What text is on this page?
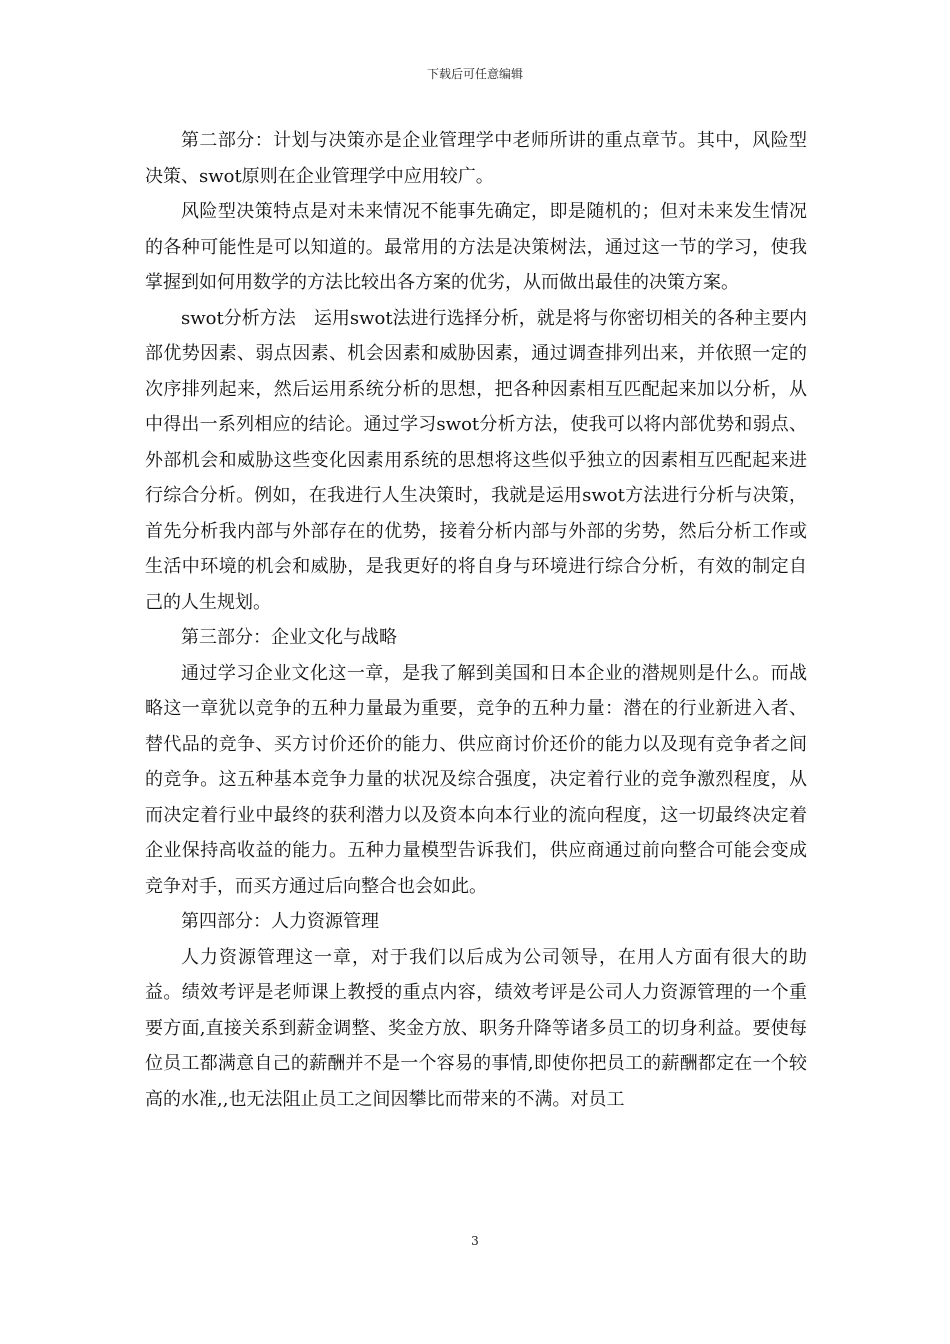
下载后可任意编辑

第二部分：计划与决策亦是企业管理学中老师所讲的重点章节。其中，风险型决策、swot原则在企业管理学中应用较广。

风险型决策特点是对未来情况不能事先确定，即是随机的；但对未来发生情况的各种可能性是可以知道的。最常用的方法是决策树法，通过这一节的学习，使我掌握到如何用数学的方法比较出各方案的优劣，从而做出最佳的决策方案。

swot分析方法　运用swot法进行选择分析，就是将与你密切相关的各种主要内部优势因素、弱点因素、机会因素和威胁因素，通过调查排列出来，并依照一定的次序排列起来，然后运用系统分析的思想，把各种因素相互匹配起来加以分析，从中得出一系列相应的结论。通过学习swot分析方法，使我可以将内部优势和弱点、外部机会和威胁这些变化因素用系统的思想将这些似乎独立的因素相互匹配起来进行综合分析。例如，在我进行人生决策时，我就是运用swot方法进行分析与决策，首先分析我内部与外部存在的优势，接着分析内部与外部的劣势，然后分析工作或生活中环境的机会和威胁，是我更好的将自身与环境进行综合分析，有效的制定自己的人生规划。

第三部分：企业文化与战略

通过学习企业文化这一章，是我了解到美国和日本企业的潜规则是什么。而战略这一章犹以竞争的五种力量最为重要，竞争的五种力量：潜在的行业新进入者、替代品的竞争、买方讨价还价的能力、供应商讨价还价的能力以及现有竞争者之间的竞争。这五种基本竞争力量的状况及综合强度，决定着行业的竞争激烈程度，从而决定着行业中最终的获利潜力以及资本向本行业的流向程度，这一切最终决定着企业保持高收益的能力。五种力量模型告诉我们，供应商通过前向整合可能会变成竞争对手，而买方通过后向整合也会如此。

第四部分：人力资源管理

人力资源管理这一章，对于我们以后成为公司领导，在用人方面有很大的助益。绩效考评是老师课上教授的重点内容，绩效考评是公司人力资源管理的一个重要方面,直接关系到薪金调整、奖金方放、职务升降等诸多员工的切身利益。要使每位员工都满意自己的薪酬并不是一个容易的事情,即使你把员工的薪酬都定在一个较高的水准,,也无法阻止员工之间因攀比而带来的不满。对员工

3
